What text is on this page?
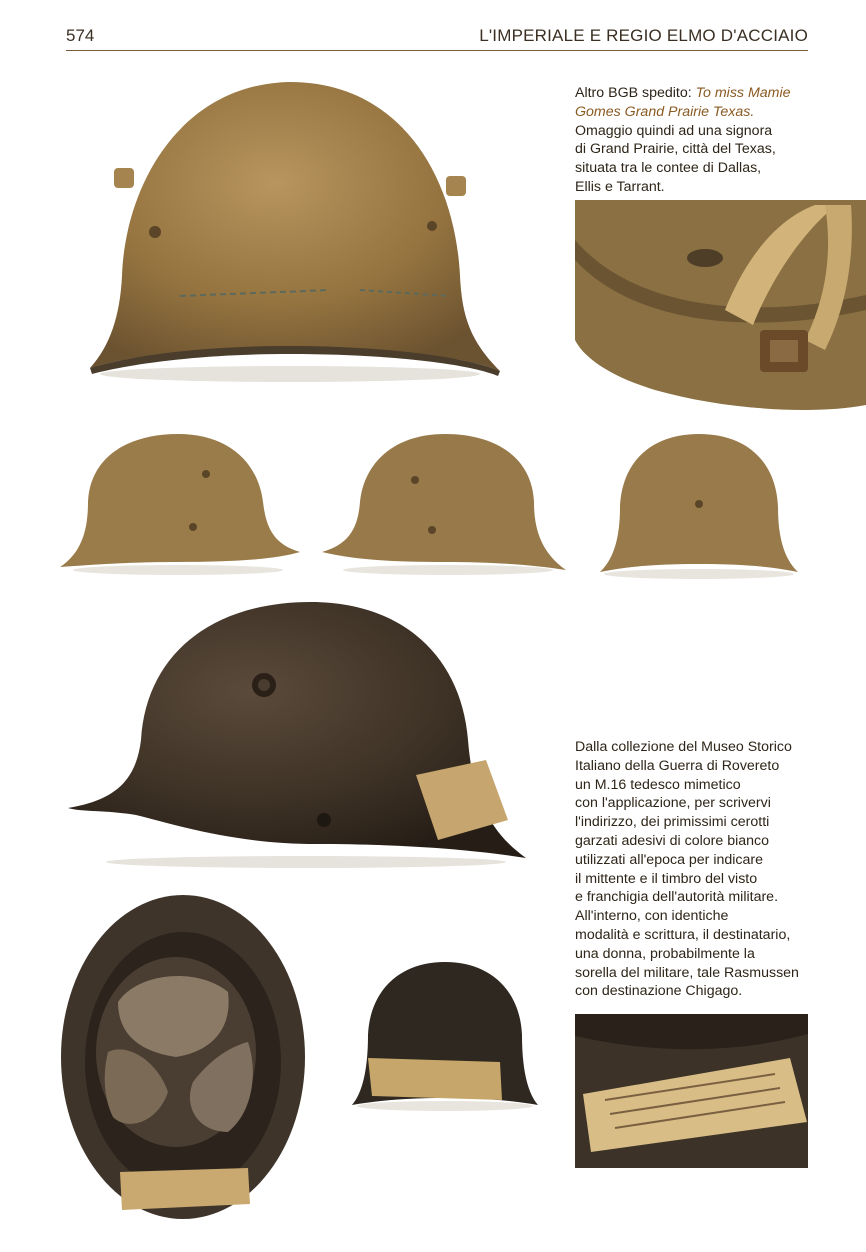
574	L'IMPERIALE E REGIO ELMO D'ACCIAIO
Altro BGB spedito: To miss Mamie
Gomes Grand Prairie Texas.
Omaggio quindi ad una signora
di Grand Prairie, città del Texas,
situata tra le contee di Dallas,
Ellis e Tarrant.
Dalla collezione del Museo Storico
Italiano della Guerra di Rovereto
un M.16 tedesco mimetico
con l'applicazione, per scrivervi
l'indirizzo, dei primissimi cerotti
garzati adesivi di colore bianco
utilizzati all'epoca per indicare
il mittente e il timbro del visto
e franchigia dell'autorità militare.
All'interno, con identiche
modalità e scrittura, il destinatario,
una donna, probabilmente la
sorella del militare, tale Rasmussen
con destinazione Chigago.
